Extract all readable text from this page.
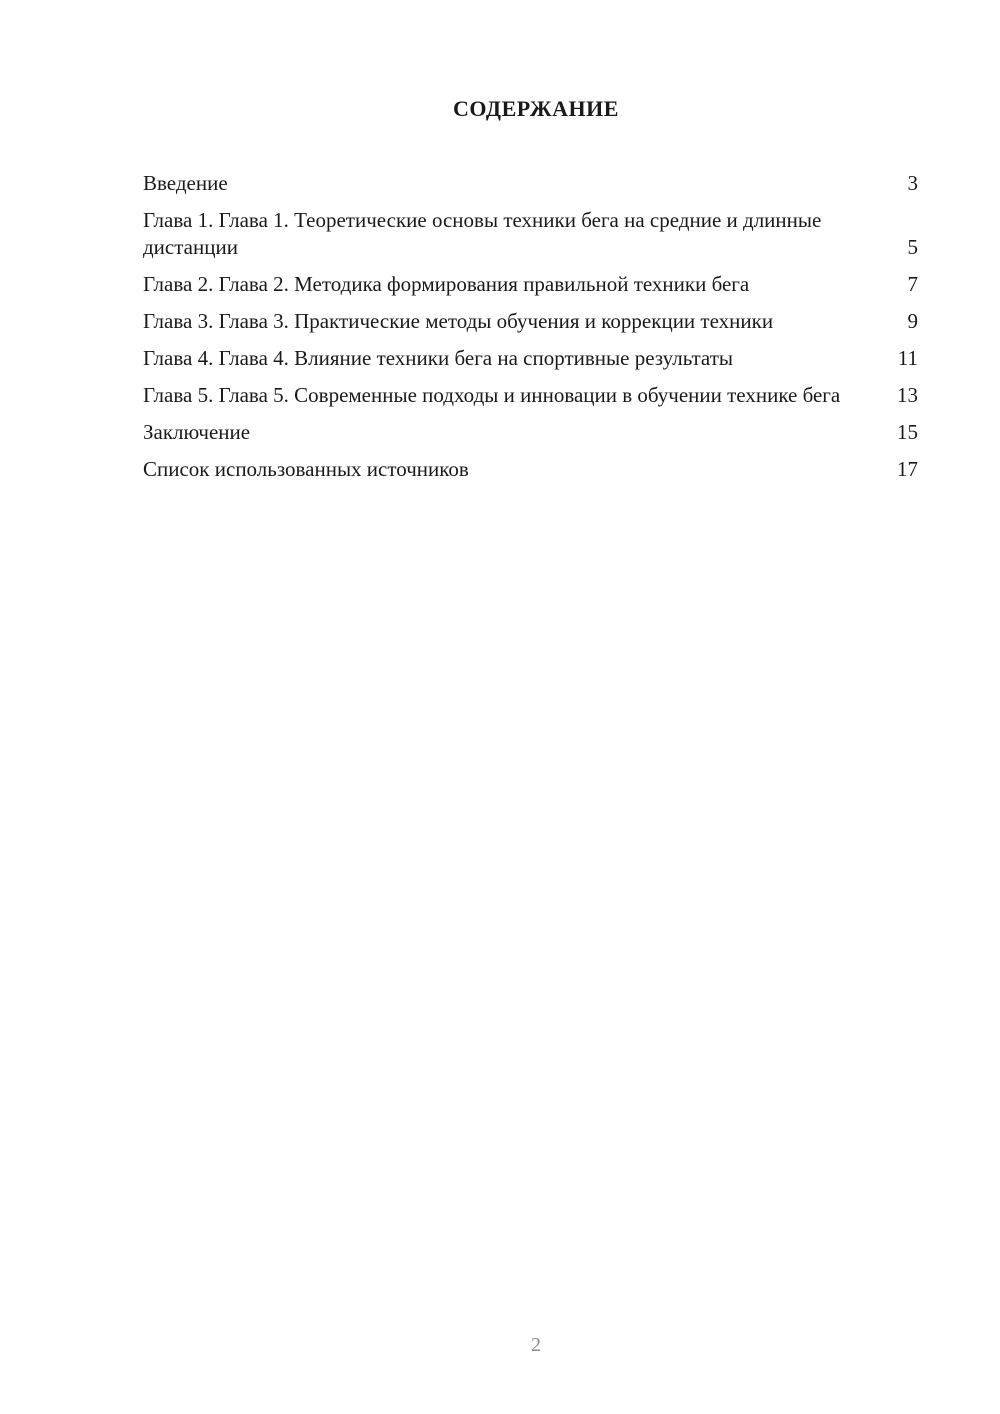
СОДЕРЖАНИЕ
Введение	3
Глава 1. Глава 1. Теоретические основы техники бега на средние и длинные дистанции	5
Глава 2. Глава 2. Методика формирования правильной техники бега	7
Глава 3. Глава 3. Практические методы обучения и коррекции техники	9
Глава 4. Глава 4. Влияние техники бега на спортивные результаты	11
Глава 5. Глава 5. Современные подходы и инновации в обучении технике бега	13
Заключение	15
Список использованных источников	17
2
